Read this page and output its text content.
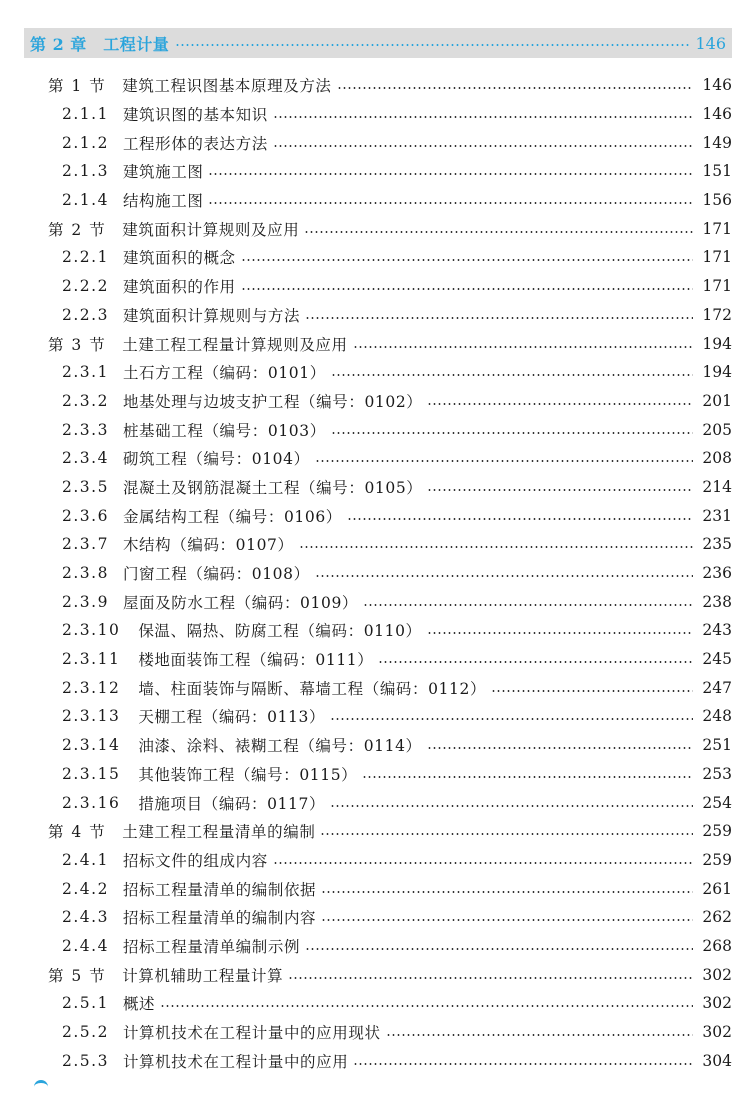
第 2 章　工程计量	146
第 1 节 建筑工程识图基本原理及方法	146
2.1.1 建筑识图的基本知识	146
2.1.2 工程形体的表达方法	149
2.1.3 建筑施工图	151
2.1.4 结构施工图	156
第 2 节 建筑面积计算规则及应用	171
2.2.1 建筑面积的概念	171
2.2.2 建筑面积的作用	171
2.2.3 建筑面积计算规则与方法	172
第 3 节 土建工程工程量计算规则及应用	194
2.3.1 土石方工程（编码：0101）	194
2.3.2 地基处理与边坡支护工程（编号：0102）	201
2.3.3 桩基础工程（编号：0103）	205
2.3.4 砌筑工程（编号：0104）	208
2.3.5 混凝土及钢筋混凝土工程（编号：0105）	214
2.3.6 金属结构工程（编号：0106）	231
2.3.7 木结构（编码：0107）	235
2.3.8 门窗工程（编码：0108）	236
2.3.9 屋面及防水工程（编码：0109）	238
2.3.10 保温、隔热、防腐工程（编码：0110）	243
2.3.11 楼地面装饰工程（编码：0111）	245
2.3.12 墙、柱面装饰与隔断、幕墙工程（编码：0112）	247
2.3.13 天棚工程（编码：0113）	248
2.3.14 油漆、涂料、裱糊工程（编号：0114）	251
2.3.15 其他装饰工程（编号：0115）	253
2.3.16 措施项目（编码：0117）	254
第 4 节 土建工程工程量清单的编制	259
2.4.1 招标文件的组成内容	259
2.4.2 招标工程量清单的编制依据	261
2.4.3 招标工程量清单的编制内容	262
2.4.4 招标工程量清单编制示例	268
第 5 节 计算机辅助工程量计算	302
2.5.1 概述	302
2.5.2 计算机技术在工程计量中的应用现状	302
2.5.3 计算机技术在工程计量中的应用	304
